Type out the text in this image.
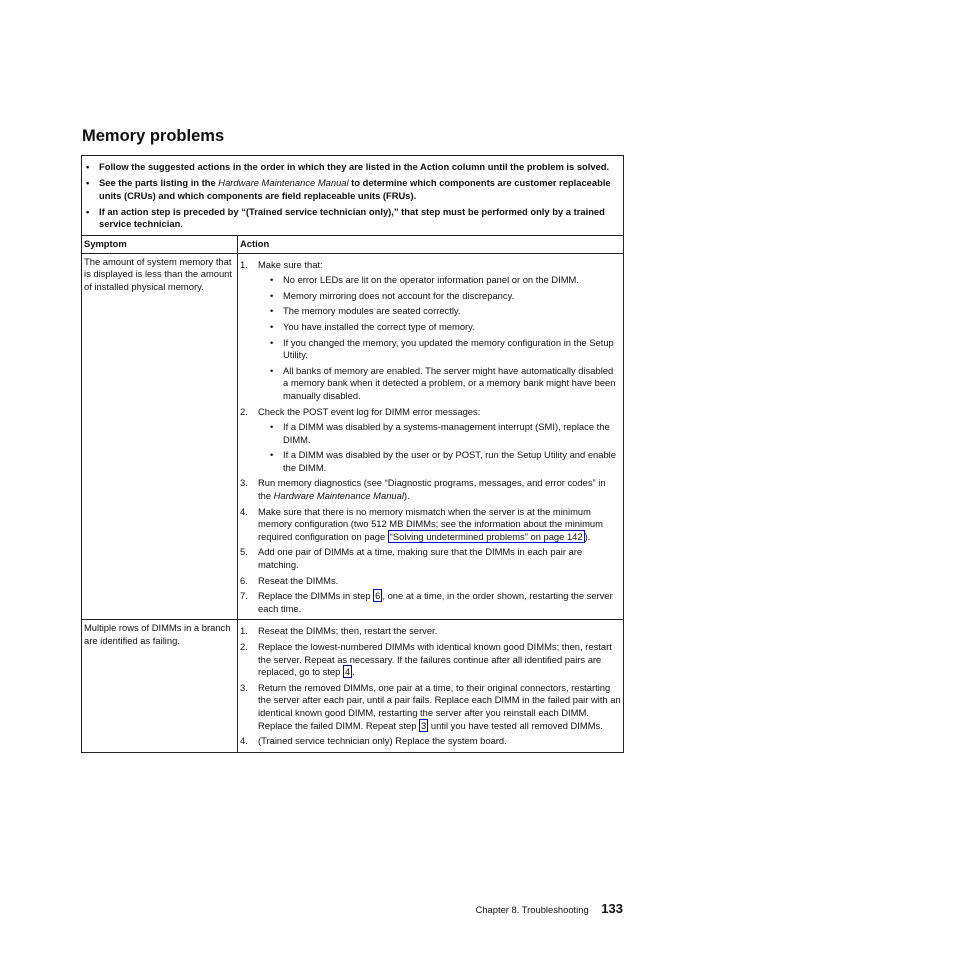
Memory problems
•	Follow the suggested actions in the order in which they are listed in the Action column until the problem is solved.
•	See the parts listing in the Hardware Maintenance Manual to determine which components are customer replaceable units (CRUs) and which components are field replaceable units (FRUs).
•	If an action step is preceded by “(Trained service technician only),” that step must be performed only by a trained service technician.
Symptom	Action
The amount of system memory that is displayed is less than the amount of installed physical memory.
1.	Make sure that:
•	No error LEDs are lit on the operator information panel or on the DIMM.
•	Memory mirroring does not account for the discrepancy.
•	The memory modules are seated correctly.
•	You have installed the correct type of memory.
•	If you changed the memory, you updated the memory configuration in the Setup Utility.
•	All banks of memory are enabled. The server might have automatically disabled a memory bank when it detected a problem, or a memory bank might have been manually disabled.
2.	Check the POST event log for DIMM error messages:
•	If a DIMM was disabled by a systems-management interrupt (SMI), replace the DIMM.
•	If a DIMM was disabled by the user or by POST, run the Setup Utility and enable the DIMM.
3.	Run memory diagnostics (see “Diagnostic programs, messages, and error codes” in the Hardware Maintenance Manual).
4.	Make sure that there is no memory mismatch when the server is at the minimum memory configuration (two 512 MB DIMMs; see the information about the minimum required configuration on page “Solving undetermined problems” on page 142 ).
5.	Add one pair of DIMMs at a time, making sure that the DIMMs in each pair are matching.
6.	Reseat the DIMMs.
7.	Replace the DIMMs in step 6 , one at a time, in the order shown, restarting the server each time.
Multiple rows of DIMMs in a branch are identified as failing.
1.	Reseat the DIMMs; then, restart the server.
2.	Replace the lowest-numbered DIMMs with identical known good DIMMs; then, restart the server. Repeat as necessary. If the failures continue after all identified pairs are replaced, go to step 4 .
3.	Return the removed DIMMs, one pair at a time, to their original connectors, restarting the server after each pair, until a pair fails. Replace each DIMM in the failed pair with an identical known good DIMM, restarting the server after you reinstall each DIMM. Replace the failed DIMM. Repeat step 3 until you have tested all removed DIMMs.
4.	(Trained service technician only) Replace the system board.
Chapter 8. Troubleshooting 133
